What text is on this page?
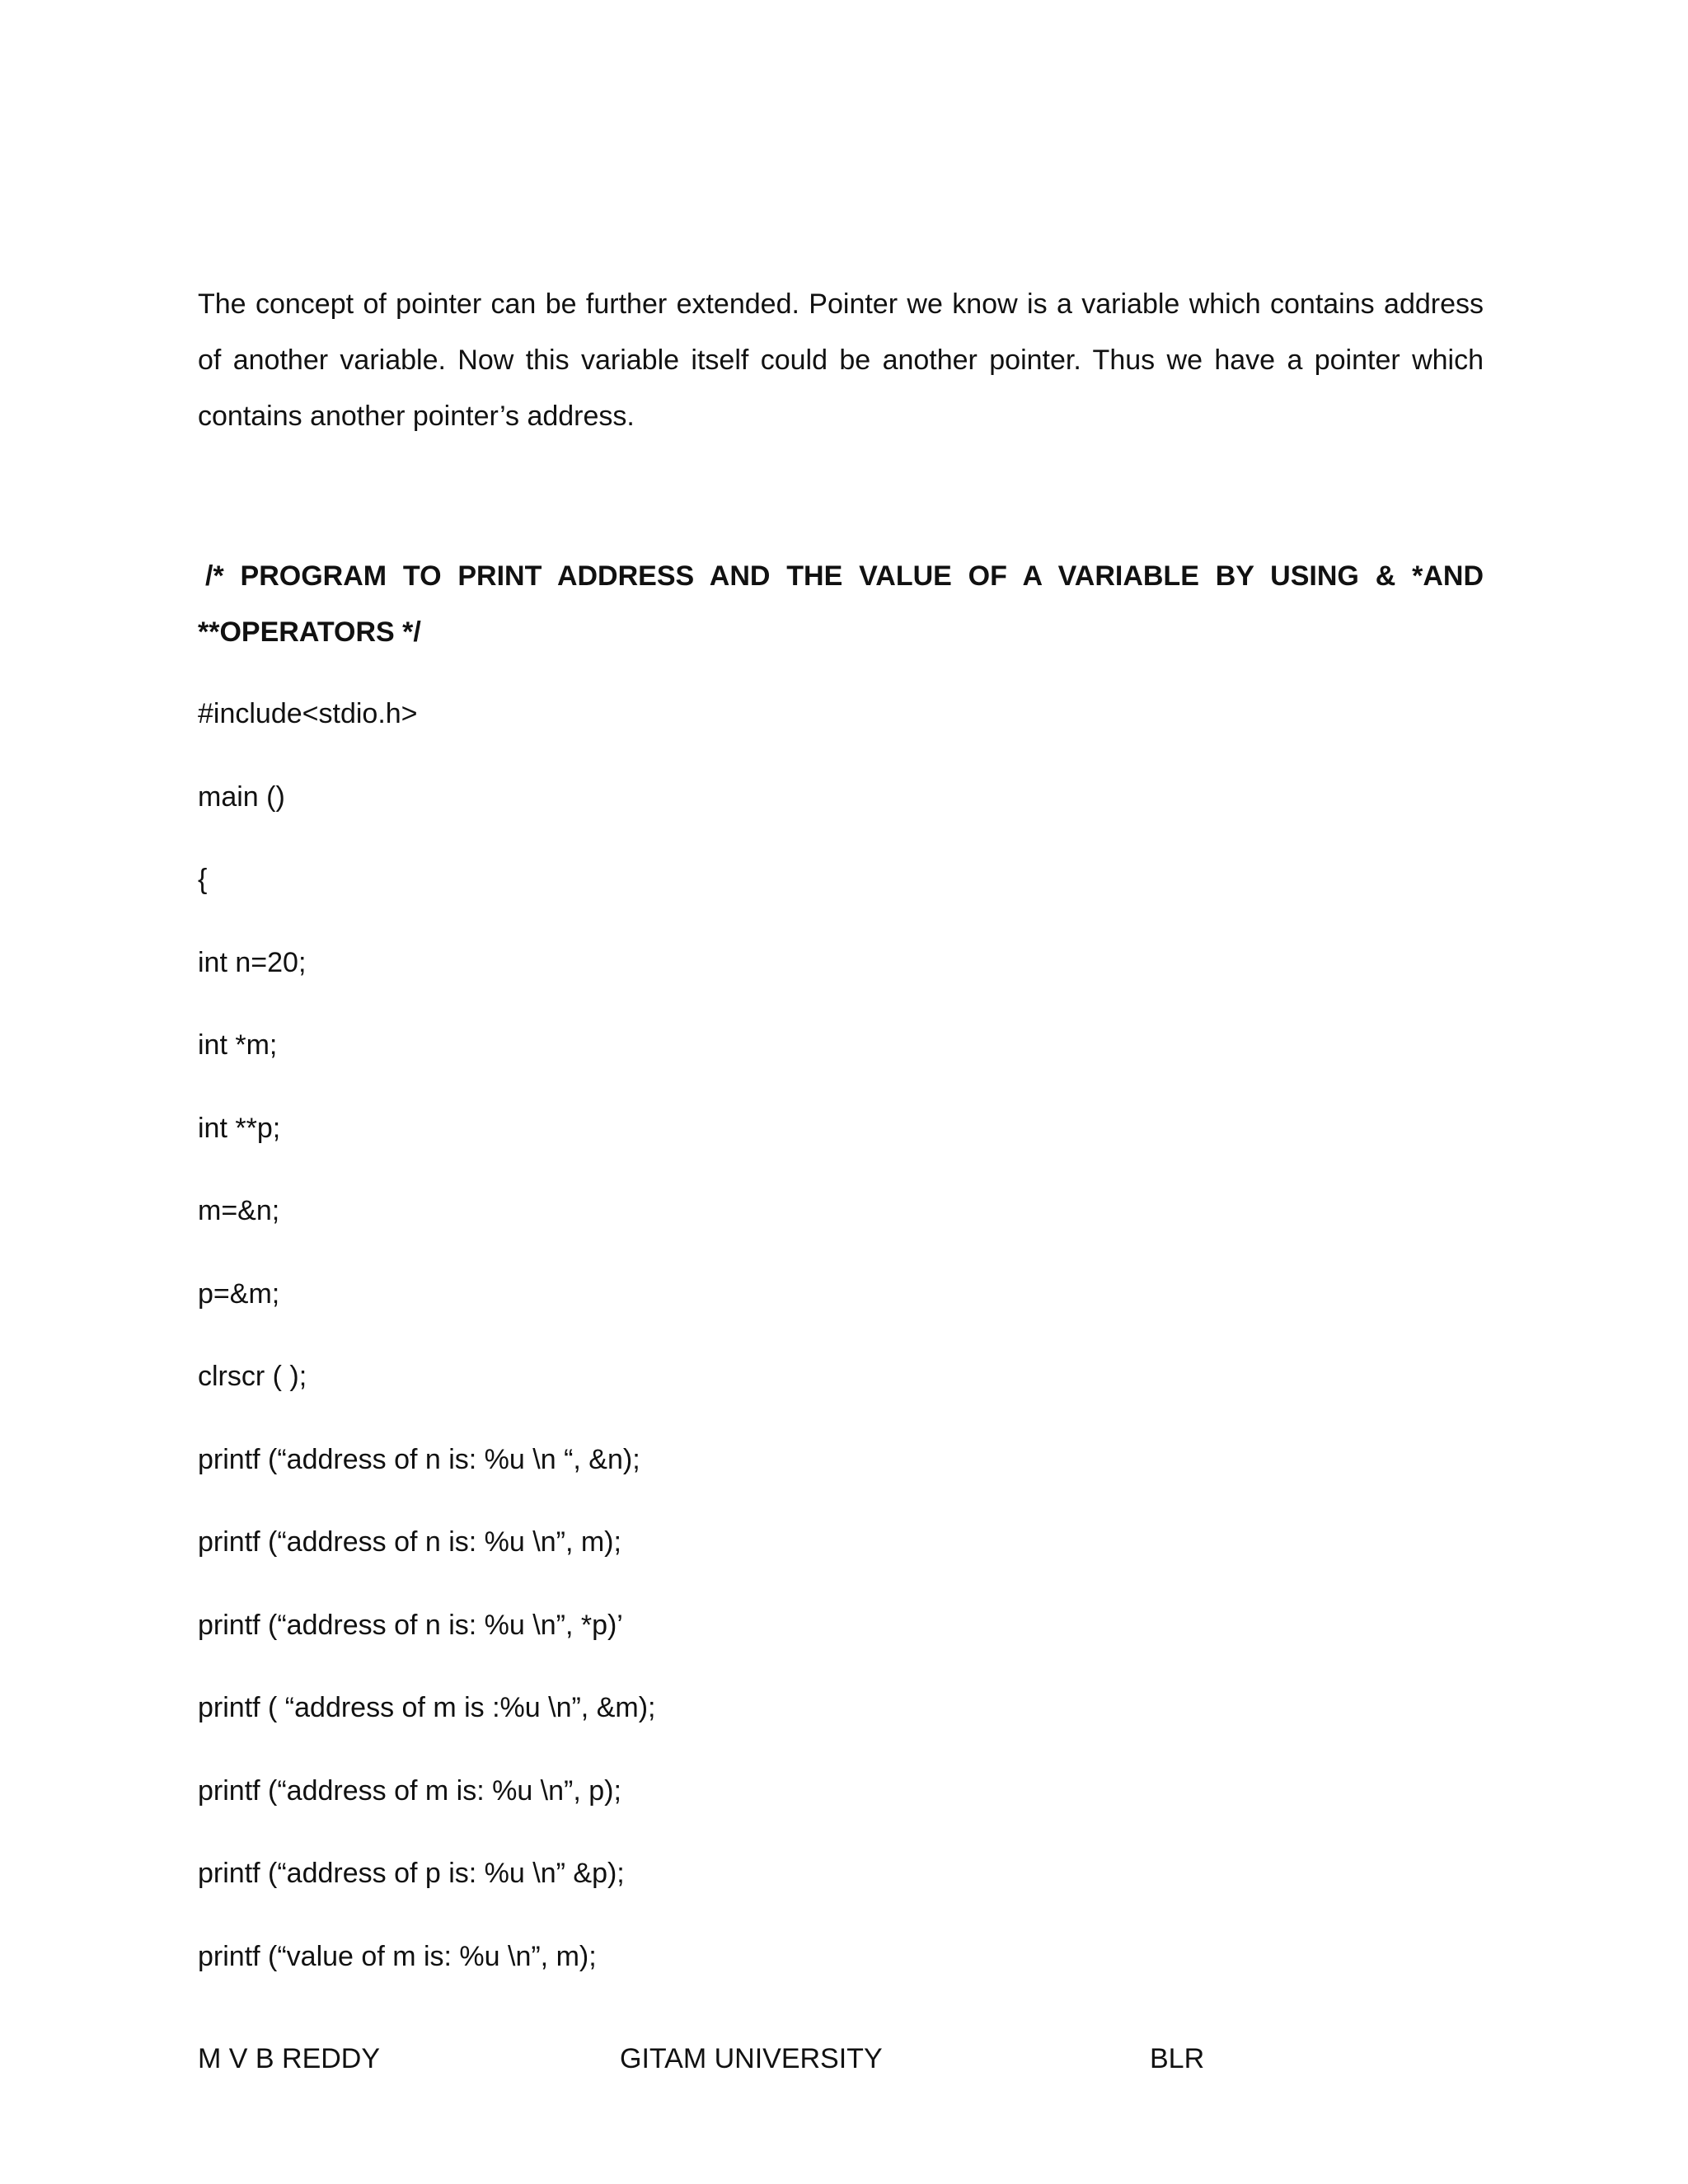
The concept of pointer can be further extended. Pointer we know is a variable which contains address of another variable. Now this variable itself could be another pointer. Thus we have a pointer which contains another pointer’s address.

/* PROGRAM TO PRINT ADDRESS AND THE VALUE OF A VARIABLE BY USING & *AND **OPERATORS */

#include<stdio.h>
main ()
{
int n=20;
int *m;
int **p;
m=&n;
p=&m;
clrscr ( );
printf (“address of n is: %u \n “, &n);
printf (“address of n is: %u \n”, m);
printf (“address of n is: %u \n”, *p)’
printf ( “address of m is :%u \n”, &m);
printf (“address of m is: %u \n”, p);
printf (“address of p is: %u \n” &p);
printf (“value of m is: %u \n”, m);

M V B REDDY	GITAM UNIVERSITY	BLR
